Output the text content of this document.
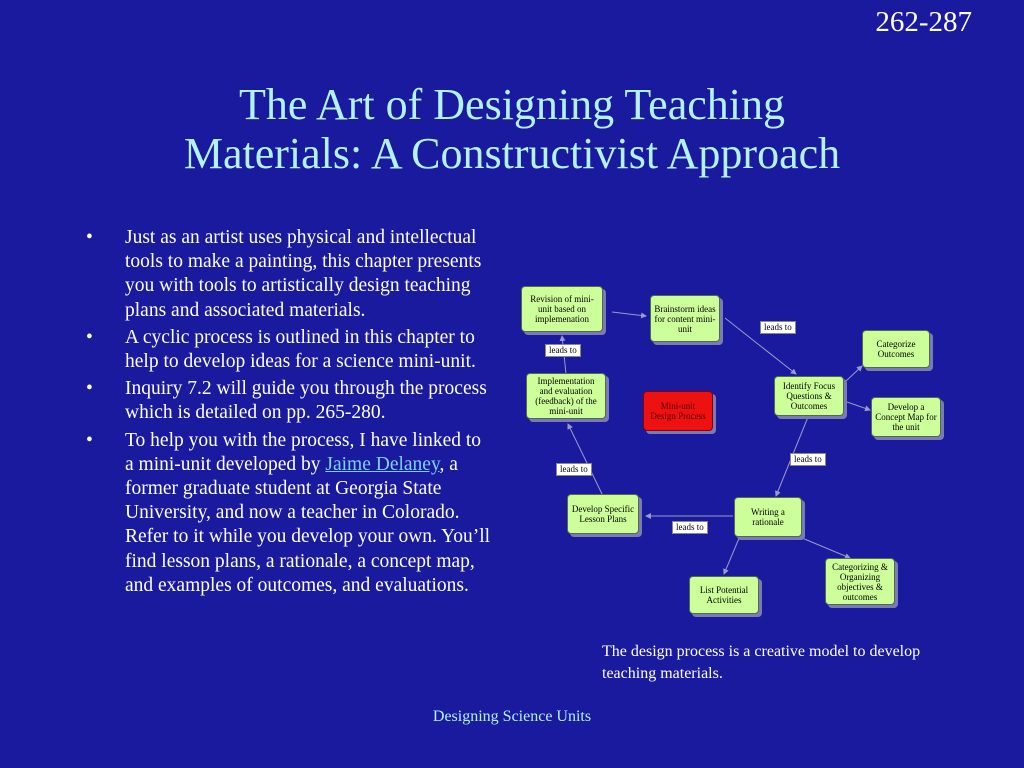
262-287
The Art of Designing Teaching
Materials: A Constructivist Approach
• Just as an artist uses physical and intellectual tools to make a painting, this chapter presents you with tools to artistically design teaching plans and associated materials.
• A cyclic process is outlined in this chapter to help to develop ideas for a science mini-unit.
• Inquiry 7.2 will guide you through the process which is detailed on pp. 265-280.
• To help you with the process, I have linked to a mini-unit developed by Jaime Delaney, a former graduate student at Georgia State University, and now a teacher in Colorado. Refer to it while you develop your own. You’ll find lesson plans, a rationale, a concept map, and examples of outcomes, and evaluations.
Revision of mini-unit based on implemenation
Brainstorm ideas for content mini-unit
Categorize Outcomes
Identify Focus Questions & Outcomes	Develop a Concept Map for the unit
Implementation and evaluation (feedback) of the mini-unit	Mini-unit Design Process
Develop Specific Lesson Plans
Writing a rationale
Categorizing & Organizing objectives & outcomes
List Potential Activities
leads to
leads to
leads to
leads to
leads to

The design process is a creative model to develop teaching materials.

Designing Science Units
